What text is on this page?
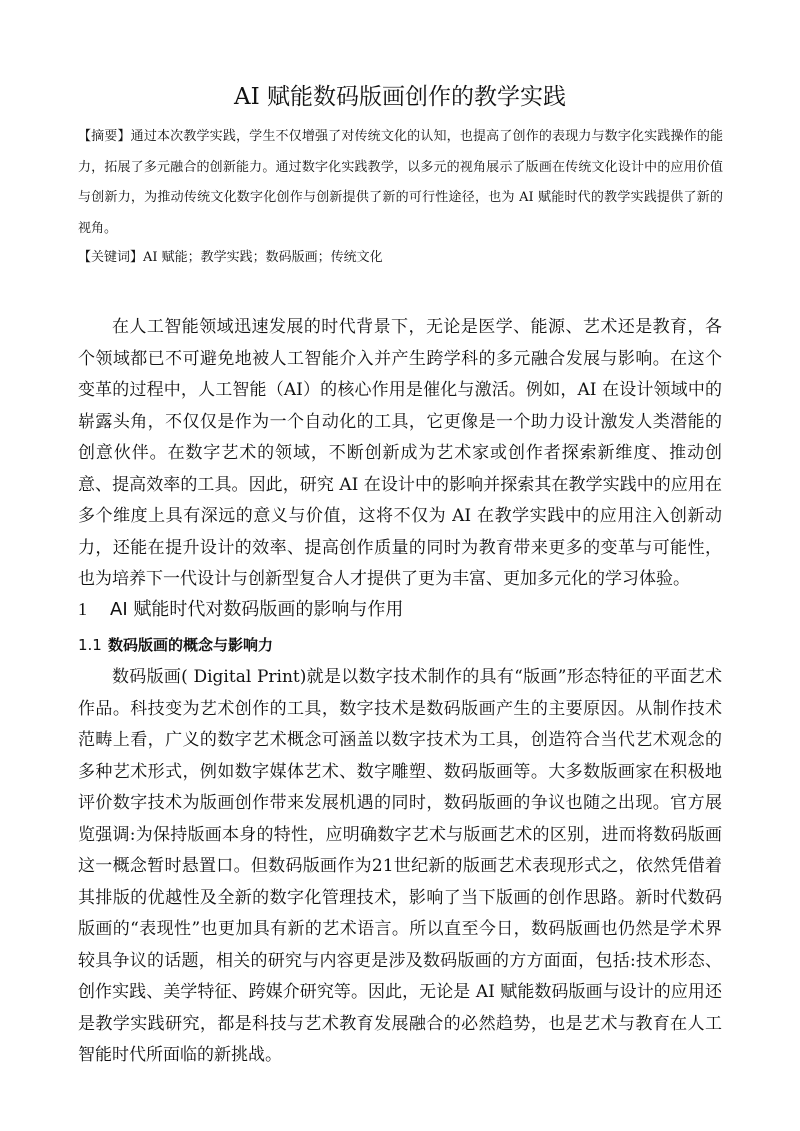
AI 赋能数码版画创作的教学实践

【摘要】通过本次教学实践，学生不仅增强了对传统文化的认知，也提高了创作的表现力与数字化实践操作的能力，拓展了多元融合的创新能力。通过数字化实践教学，以多元的视角展示了版画在传统文化设计中的应用价值与创新力，为推动传统文化数字化创作与创新提供了新的可行性途径，也为 AI 赋能时代的教学实践提供了新的视角。

【关键词】AI 赋能；教学实践；数码版画；传统文化

在人工智能领域迅速发展的时代背景下，无论是医学、能源、艺术还是教育，各个领域都已不可避免地被人工智能介入并产生跨学科的多元融合发展与影响。在这个变革的过程中，人工智能（AI）的核心作用是催化与激活。例如，AI 在设计领域中的崭露头角，不仅仅是作为一个自动化的工具，它更像是一个助力设计激发人类潜能的创意伙伴。在数字艺术的领域，不断创新成为艺术家或创作者探索新维度、推动创意、提高效率的工具。因此，研究 AI 在设计中的影响并探索其在教学实践中的应用在多个维度上具有深远的意义与价值，这将不仅为 AI 在教学实践中的应用注入创新动力，还能在提升设计的效率、提高创作质量的同时为教育带来更多的变革与可能性，也为培养下一代设计与创新型复合人才提供了更为丰富、更加多元化的学习体验。

1 AI 赋能时代对数码版画的影响与作用
1.1 数码版画的概念与影响力

数码版画( Digital Print)就是以数字技术制作的具有“版画”形态特征的平面艺术作品。科技变为艺术创作的工具，数字技术是数码版画产生的主要原因。从制作技术范畴上看，广义的数字艺术概念可涵盖以数字技术为工具，创造符合当代艺术观念的多种艺术形式，例如数字媒体艺术、数字雕塑、数码版画等。大多数版画家在积极地评价数字技术为版画创作带来发展机遇的同时，数码版画的争议也随之出现。官方展览强调:为保持版画本身的特性，应明确数字艺术与版画艺术的区别，进而将数码版画这一概念暂时悬置口。但数码版画作为21世纪新的版画艺术表现形式之，依然凭借着其排版的优越性及全新的数字化管理技术，影响了当下版画的创作思路。新时代数码版画的“表现性”也更加具有新的艺术语言。所以直至今日，数码版画也仍然是学术界较具争议的话题，相关的研究与内容更是涉及数码版画的方方面面，包括:技术形态、创作实践、美学特征、跨媒介研究等。因此，无论是 AI 赋能数码版画与设计的应用还是教学实践研究，都是科技与艺术教育发展融合的必然趋势，也是艺术与教育在人工智能时代所面临的新挑战。
